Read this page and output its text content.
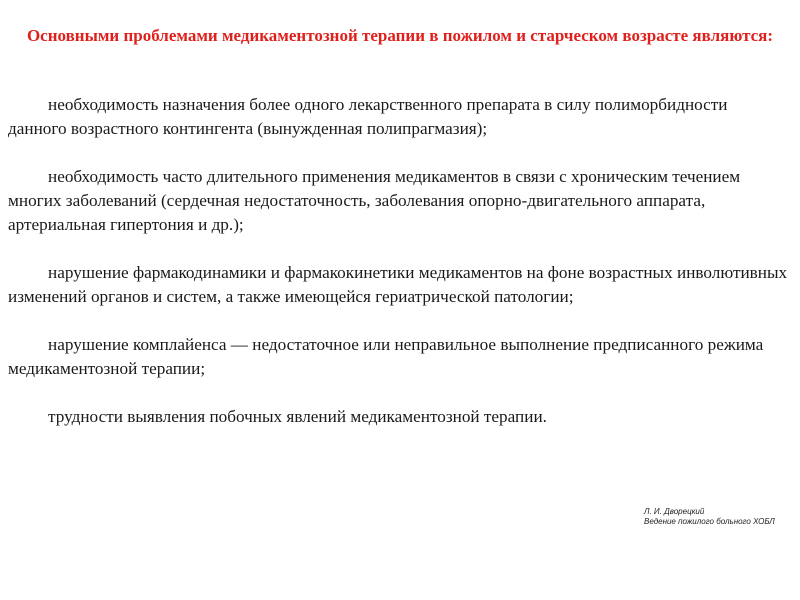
Основными проблемами медикаментозной терапии в пожилом и старческом возрасте являются:

необходимость назначения более одного лекарственного препарата в силу полиморбидности данного возрастного контингента (вынужденная полипрагмазия);

необходимость часто длительного применения медикаментов в связи с хроническим течением многих заболеваний (сердечная недостаточность, заболевания опорно-двигательного аппарата, артериальная гипертония и др.);

нарушение фармакодинамики и фармакокинетики медикаментов на фоне возрастных инволютивных изменений органов и систем, а также имеющейся гериатрической патологии;

нарушение комплайенса — недостаточное или неправильное выполнение предписанного режима медикаментозной терапии;

трудности выявления побочных явлений медикаментозной терапии.

Л. И. Дворецкий
Ведение пожилого больного ХОБЛ
